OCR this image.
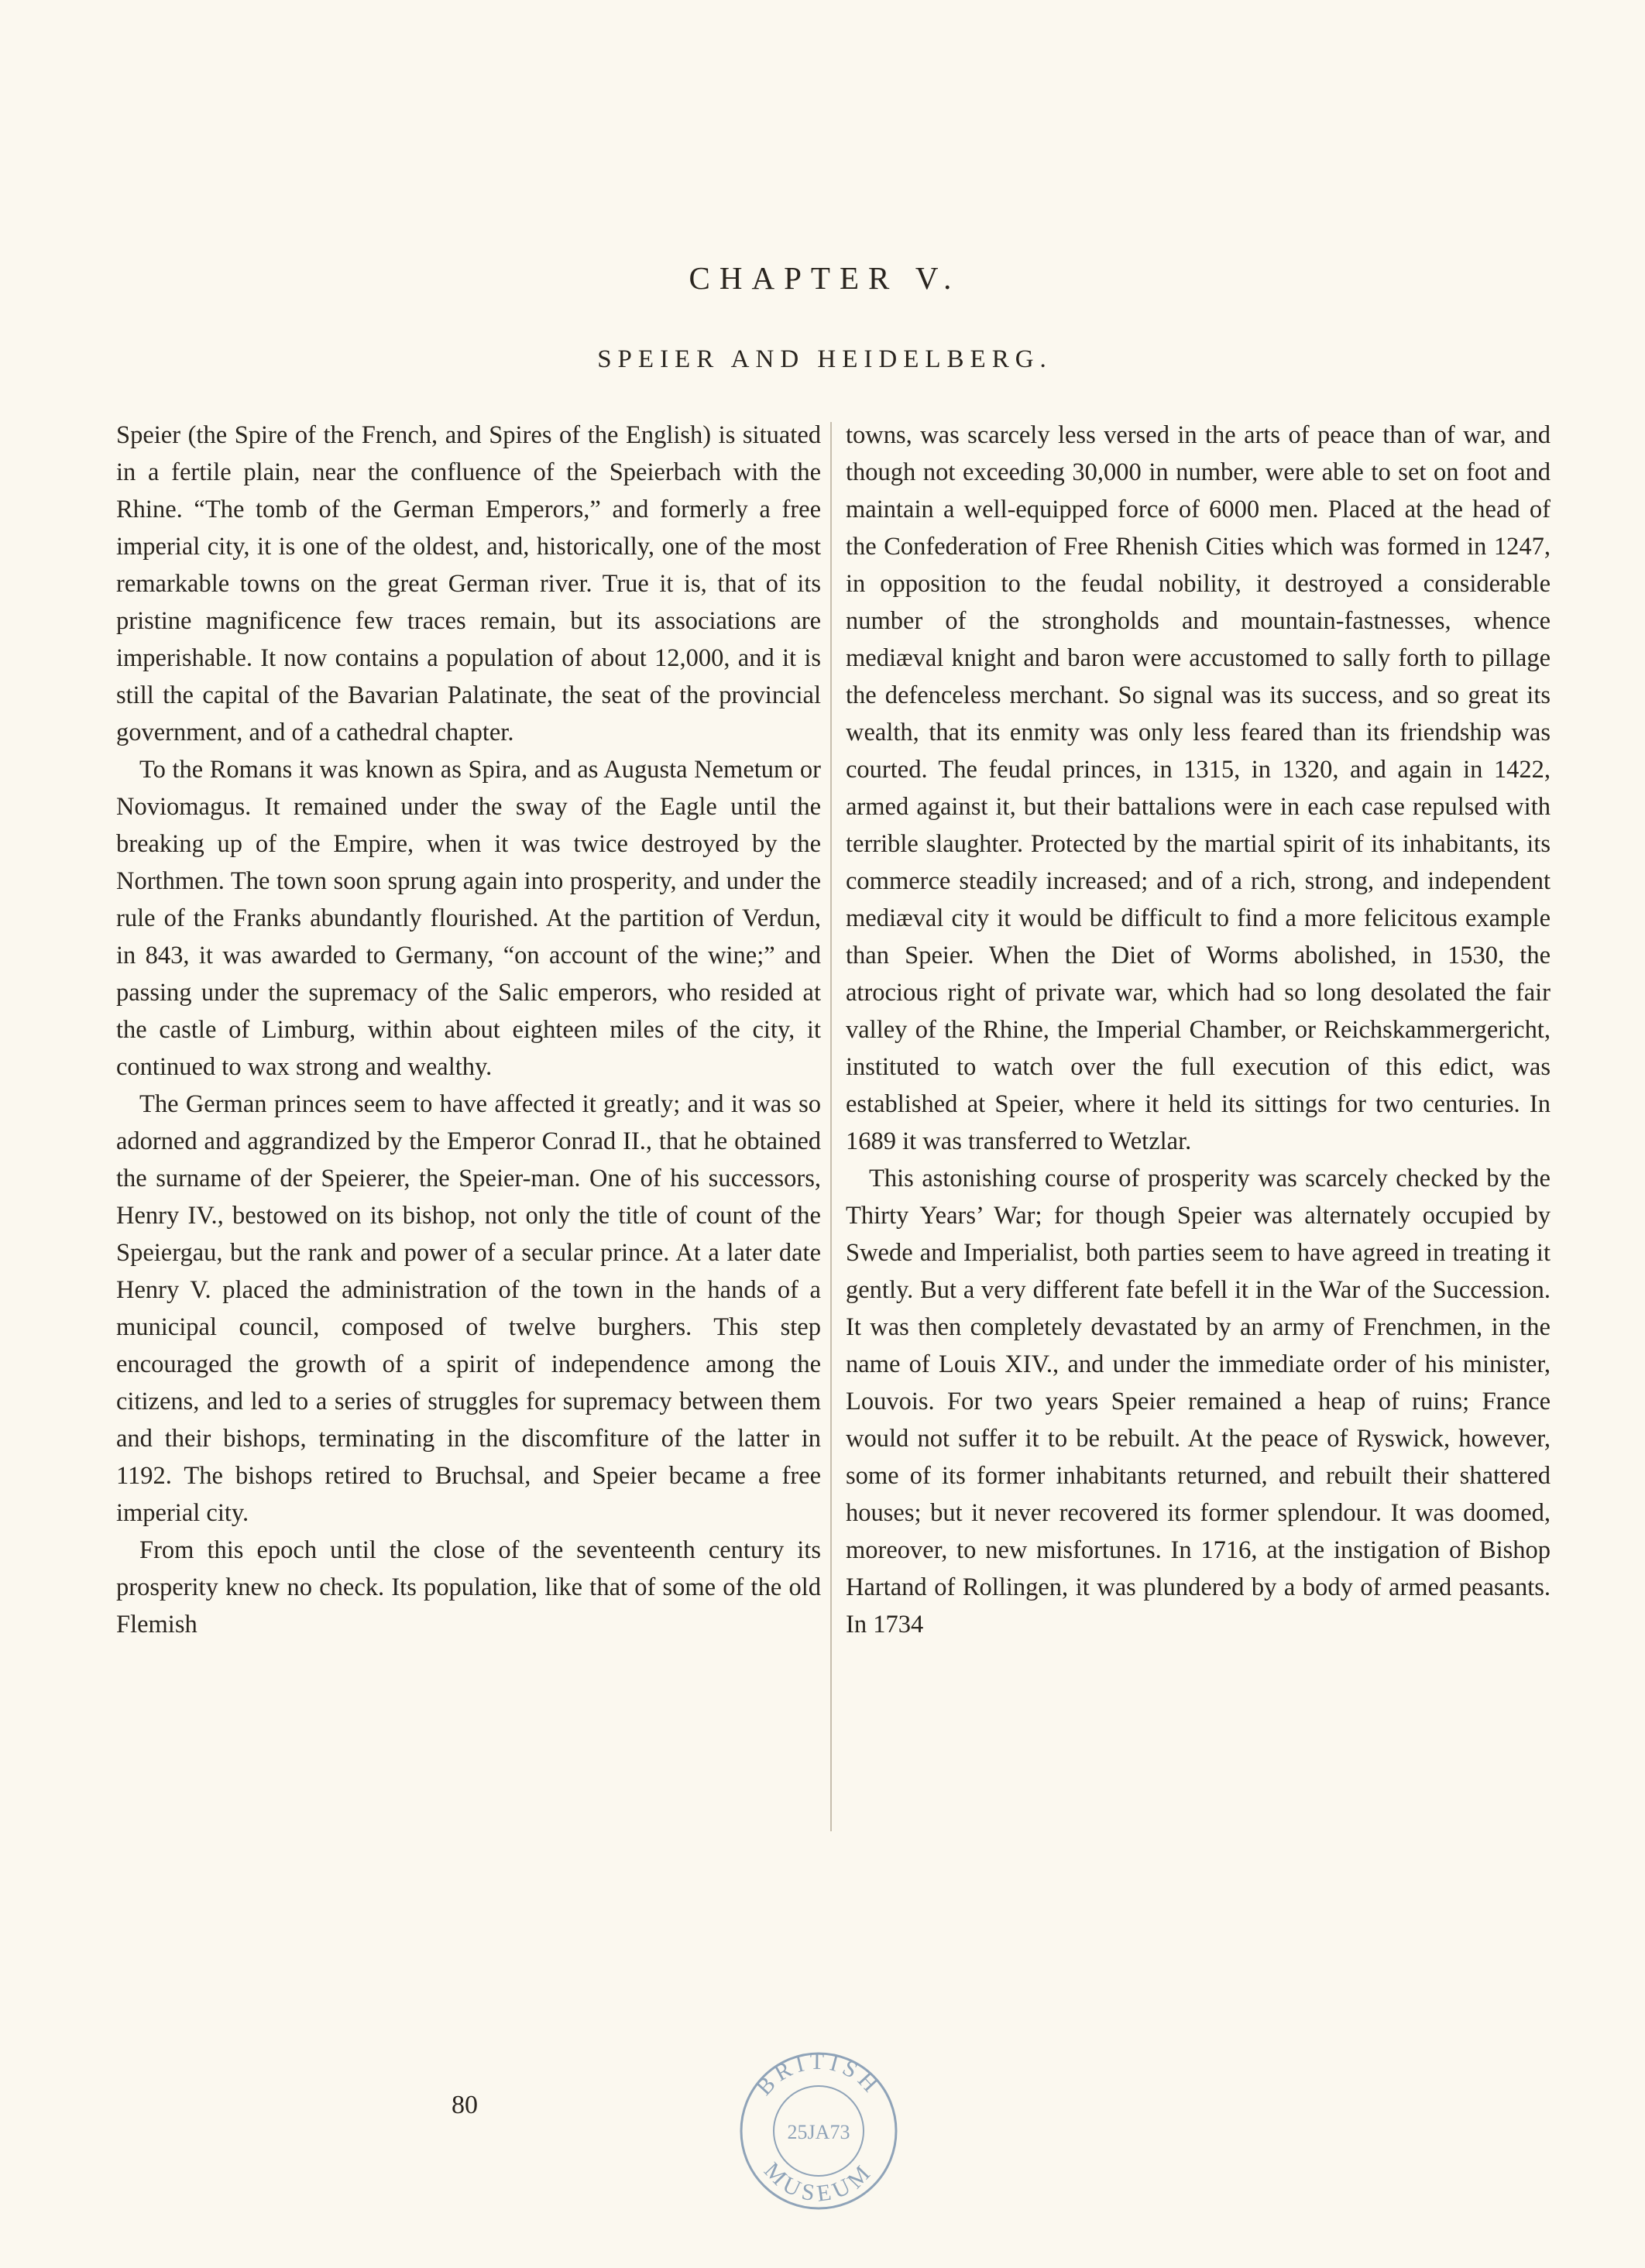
CHAPTER V.
SPEIER AND HEIDELBERG.

Speier (the Spire of the French, and Spires of the English) is situated in a fertile plain, near the confluence of the Speierbach with the Rhine. “The tomb of the German Emperors,” and formerly a free imperial city, it is one of the oldest, and, historically, one of the most remarkable towns on the great German river. True it is, that of its pristine magnificence few traces remain, but its associations are imperishable. It now contains a population of about 12,000, and it is still the capital of the Bavarian Palatinate, the seat of the provincial government, and of a cathedral chapter.

To the Romans it was known as Spira, and as Augusta Nemetum or Noviomagus. It remained under the sway of the Eagle until the breaking up of the Empire, when it was twice destroyed by the Northmen. The town soon sprung again into prosperity, and under the rule of the Franks abundantly flourished. At the partition of Verdun, in 843, it was awarded to Germany, “on account of the wine;” and passing under the supremacy of the Salic emperors, who resided at the castle of Limburg, within about eighteen miles of the city, it continued to wax strong and wealthy.

The German princes seem to have affected it greatly; and it was so adorned and aggrandized by the Emperor Conrad II., that he obtained the surname of der Speierer, the Speier-man. One of his successors, Henry IV., bestowed on its bishop, not only the title of count of the Speiergau, but the rank and power of a secular prince. At a later date Henry V. placed the administration of the town in the hands of a municipal council, composed of twelve burghers. This step encouraged the growth of a spirit of independence among the citizens, and led to a series of struggles for supremacy between them and their bishops, terminating in the discomfiture of the latter in 1192. The bishops retired to Bruchsal, and Speier became a free imperial city.

From this epoch until the close of the seventeenth century its prosperity knew no check. Its population, like that of some of the old Flemish

towns, was scarcely less versed in the arts of peace than of war, and though not exceeding 30,000 in number, were able to set on foot and maintain a well-equipped force of 6000 men. Placed at the head of the Confederation of Free Rhenish Cities which was formed in 1247, in opposition to the feudal nobility, it destroyed a considerable number of the strongholds and mountain-fastnesses, whence mediæval knight and baron were accustomed to sally forth to pillage the defenceless merchant. So signal was its success, and so great its wealth, that its enmity was only less feared than its friendship was courted. The feudal princes, in 1315, in 1320, and again in 1422, armed against it, but their battalions were in each case repulsed with terrible slaughter. Protected by the martial spirit of its inhabitants, its commerce steadily increased; and of a rich, strong, and independent mediæval city it would be difficult to find a more felicitous example than Speier. When the Diet of Worms abolished, in 1530, the atrocious right of private war, which had so long desolated the fair valley of the Rhine, the Imperial Chamber, or Reichskammergericht, instituted to watch over the full execution of this edict, was established at Speier, where it held its sittings for two centuries. In 1689 it was transferred to Wetzlar.

This astonishing course of prosperity was scarcely checked by the Thirty Years’ War; for though Speier was alternately occupied by Swede and Imperialist, both parties seem to have agreed in treating it gently. But a very different fate befell it in the War of the Succession. It was then completely devastated by an army of Frenchmen, in the name of Louis XIV., and under the immediate order of his minister, Louvois. For two years Speier remained a heap of ruins; France would not suffer it to be rebuilt. At the peace of Ryswick, however, some of its former inhabitants returned, and rebuilt their shattered houses; but it never recovered its former splendour. It was doomed, moreover, to new misfortunes. In 1716, at the instigation of Bishop Hartand of Rollingen, it was plundered by a body of armed peasants. In 1734

80
BRITISH
MUSEUM
25JA73
